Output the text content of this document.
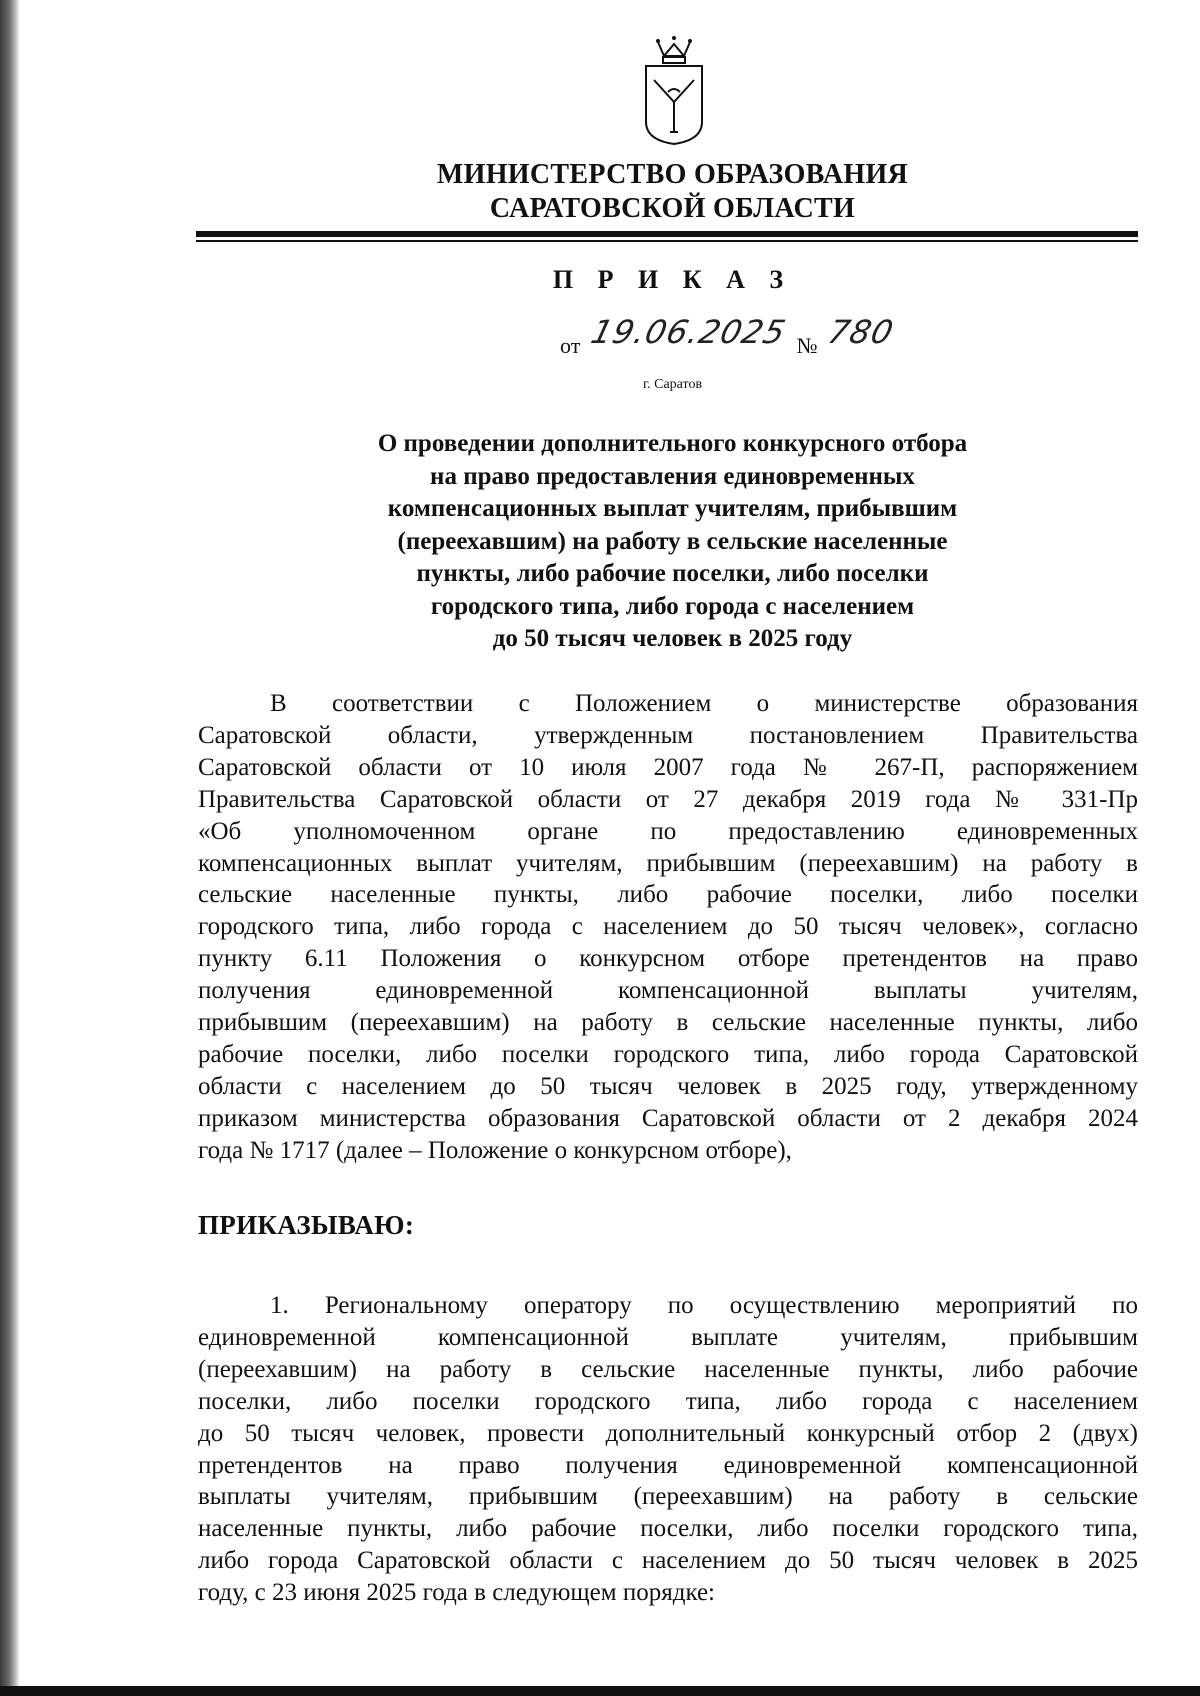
МИНИСТЕРСТВО ОБРАЗОВАНИЯ
САРАТОВСКОЙ ОБЛАСТИ
П Р И К А З
от 19.06.2025 № 780
г. Саратов
О проведении дополнительного конкурсного отбора
на право предоставления единовременных
компенсационных выплат учителям, прибывшим
(переехавшим) на работу в сельские населенные
пункты, либо рабочие поселки, либо поселки
городского типа, либо города с населением
до 50 тысяч человек в 2025 году
В соответствии с Положением о министерстве образования
Саратовской области, утвержденным постановлением Правительства
Саратовской области от 10 июля 2007 года № 267-П, распоряжением
Правительства Саратовской области от 27 декабря 2019 года № 331-Пр
«Об уполномоченном органе по предоставлению единовременных
компенсационных выплат учителям, прибывшим (переехавшим) на работу в
сельские населенные пункты, либо рабочие поселки, либо поселки
городского типа, либо города с населением до 50 тысяч человек», согласно
пункту 6.11 Положения о конкурсном отборе претендентов на право
получения единовременной компенсационной выплаты учителям,
прибывшим (переехавшим) на работу в сельские населенные пункты, либо
рабочие поселки, либо поселки городского типа, либо города Саратовской
области с населением до 50 тысяч человек в 2025 году, утвержденному
приказом министерства образования Саратовской области от 2 декабря 2024
года № 1717 (далее – Положение о конкурсном отборе),
ПРИКАЗЫВАЮ:
1. Региональному оператору по осуществлению мероприятий по
единовременной компенсационной выплате учителям, прибывшим
(переехавшим) на работу в сельские населенные пункты, либо рабочие
поселки, либо поселки городского типа, либо города с населением
до 50 тысяч человек, провести дополнительный конкурсный отбор 2 (двух)
претендентов на право получения единовременной компенсационной
выплаты учителям, прибывшим (переехавшим) на работу в сельские
населенные пункты, либо рабочие поселки, либо поселки городского типа,
либо города Саратовской области с населением до 50 тысяч человек в 2025
году, с 23 июня 2025 года в следующем порядке:
